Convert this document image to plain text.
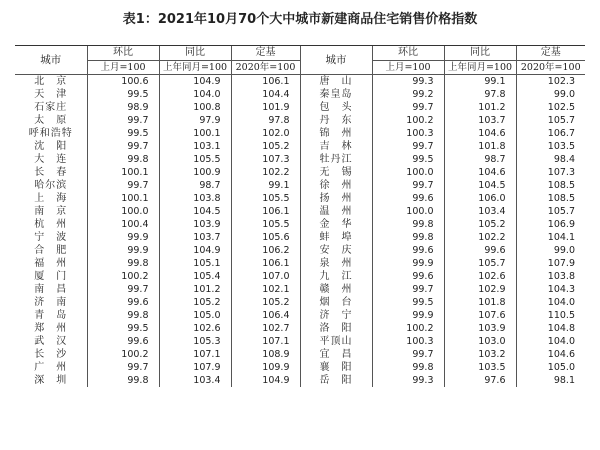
表1：2021年10月70个大中城市新建商品住宅销售价格指数
城市	环比	同比	定基	城市	环比	同比	定基
	上月=100	上年同月=100	2020年=100		上月=100	上年同月=100	2020年=100
北　京	100.6	104.9	106.1	唐　山	99.3	99.1	102.3
天　津	99.5	104.0	104.4	秦皇岛	99.2	97.8	99.0
石家庄	98.9	100.8	101.9	包　头	99.7	101.2	102.5
太　原	99.7	97.9	97.8	丹　东	100.2	103.7	105.7
呼和浩特	99.5	100.1	102.0	锦　州	100.3	104.6	106.7
沈　阳	99.7	103.1	105.2	吉　林	99.7	101.8	103.5
大　连	99.8	105.5	107.3	牡丹江	99.5	98.7	98.4
长　春	100.1	100.9	102.2	无　锡	100.0	104.6	107.3
哈尔滨	99.7	98.7	99.1	徐　州	99.7	104.5	108.5
上　海	100.1	103.8	105.5	扬　州	99.6	106.0	108.5
南　京	100.0	104.5	106.1	温　州	100.0	103.4	105.7
杭　州	100.4	103.9	105.5	金　华	99.8	105.2	106.9
宁　波	99.9	103.7	105.6	蚌　埠	99.8	102.2	104.1
合　肥	99.9	104.9	106.2	安　庆	99.6	99.6	99.0
福　州	99.8	105.1	106.1	泉　州	99.9	105.7	107.9
厦　门	100.2	105.4	107.0	九　江	99.6	102.6	103.8
南　昌	99.7	101.2	102.1	赣　州	99.7	102.9	104.3
济　南	99.6	105.2	105.2	烟　台	99.5	101.8	104.0
青　岛	99.8	105.0	106.4	济　宁	99.9	107.6	110.5
郑　州	99.5	102.6	102.7	洛　阳	100.2	103.9	104.8
武　汉	99.6	105.3	107.1	平顶山	100.3	103.0	104.0
长　沙	100.2	107.1	108.9	宜　昌	99.7	103.2	104.6
广　州	99.7	107.9	109.9	襄　阳	99.8	103.5	105.0
深　圳	99.8	103.4	104.9	岳　阳	99.3	97.6	98.1
